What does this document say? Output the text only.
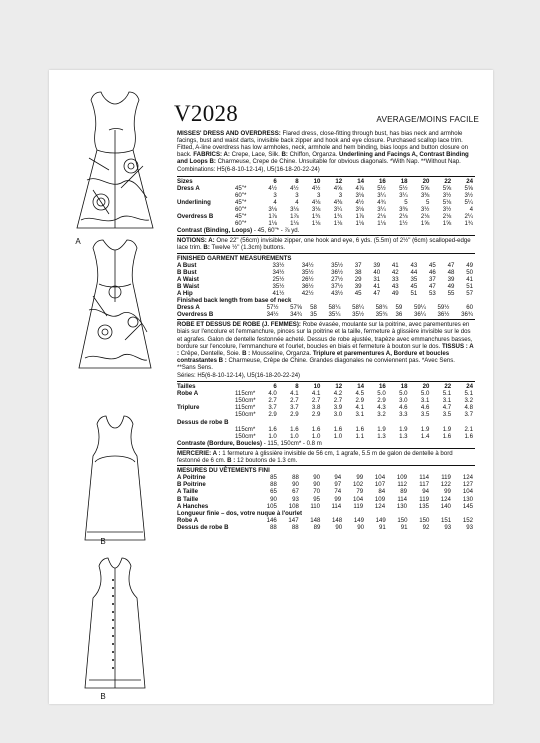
A
B
B
V2028	AVERAGE/MOINS FACILE

MISSES' DRESS AND OVERDRESS: Flared dress, close-fitting through bust, has bias neck and armhole facings, bust and waist darts, invisible back zipper and hook and eye closure. Purchased scallop lace trim. Fitted, A-line overdress has low armholes, neck, armhole and hem binding, bias loops and button closure on back. FABRICS: A: Crepe, Lace, Silk. B: Chiffon, Organza. Underlining and Facings A, Contrast Binding and Loops B: Charmeuse, Crepe de Chine. Unsuitable for obvious diagonals. *With Nap. **Without Nap.

Combinations: H5(6-8-10-12-14), U5(16-18-20-22-24)

Sizes		6	8	10	12	14	16	18	20	22	24
Dress A	45"*	4½	4½	4½	4⅝	4⅞	5½	5½	5⅝	5⅝	5⅝
	60"*	3	3	3	3	3⅛	3¼	3¼	3⅜	3½	3½
Underlining	45"*	4	4	4⅛	4⅜	4½	4¾	5	5	5⅛	5¼
	60"*	3⅛	3⅛	3⅛	3¼	3⅛	3¼	3⅜	3½	3½	4
Overdress B	45"*	1⅞	1⅞	1¾	1¾	1⅞	2⅛	2⅛	2⅛	2⅛	2¼
	60"*	1⅛	1⅛	1⅛	1⅛	1⅛	1⅛	1½	1⅝	1⅝	1¾

Contrast (Binding, Loops) - 45, 60"* - ⅞ yd.

NOTIONS: A: One 22" (56cm) invisible zipper, one hook and eye, 6 yds. (5.5m) of 2½" (6cm) scalloped-edge lace trim. B: Twelve ½" (1.3cm) buttons.

FINISHED GARMENT MEASUREMENTS

A Bust	33½	34½	35½	37	39	41	43	45	47	49
B Bust	34½	35½	36½	38	40	42	44	46	48	50
A Waist	25½	26½	27½	29	31	33	35	37	39	41
B Waist	35½	36½	37½	39	41	43	45	47	49	51
A Hip	41½	42½	43½	45	47	49	51	53	55	57

Finished back length from base of neck

Dress A	57½	57⅝	58	58¼	58¼	58¾	59	59¼	59½	60
Overdress B	34½	34¾	35	35¼	35½	35¾	36	36¼	36½	36¾

ROBE ET DESSUS DE ROBE (J. FEMMES): Robe évasée, moulante sur la poitrine, avec parementures en biais sur l'encolure et l'emmanchure, pinces sur la poitrine et la taille, fermeture à glissière invisible sur le dos et agrafes. Galon de dentelle festonnée acheté. Dessus de robe ajustée, trapèze avec emmanchures basses, bordure sur l'encolure, l'emmanchure et l'ourlet, boucles en biais et fermeture à bouton sur le dos. TISSUS : A : Crêpe, Dentelle, Soie. B : Mousseline, Organza. Triplure et parementures A, Bordure et boucles contrastantes B : Charmeuse, Crêpe de Chine. Grandes diagonales ne conviennent pas. *Avec Sens. **Sans Sens.

Séries: H5(6-8-10-12-14), U5(16-18-20-22-24)

Tailles		6	8	10	12	14	16	18	20	22	24
Robe A	115cm*	4.0	4.1	4.1	4.2	4.5	5.0	5.0	5.0	5.1	5.1
	150cm*	2.7	2.7	2.7	2.7	2.9	2.9	3.0	3.1	3.1	3.2
Triplure	115cm*	3.7	3.7	3.8	3.9	4.1	4.3	4.6	4.6	4.7	4.8
	150cm*	2.9	2.9	2.9	3.0	3.1	3.2	3.3	3.5	3.5	3.7

Dessus de robe B

	115cm*	1.6	1.6	1.6	1.6	1.6	1.9	1.9	1.9	1.9	2.1
	150cm*	1.0	1.0	1.0	1.0	1.1	1.3	1.3	1.4	1.6	1.6

Contraste (Bordure, Boucles) - 115, 150cm* - 0.8 m

MERCERIE: A : 1 fermeture à glissière invisible de 56 cm, 1 agrafe, 5.5 m de galon de dentelle à bord festonné de 6 cm. B : 12 boutons de 1.3 cm.

MESURES DU VÊTEMENTS FINI

A Poitrine	85	88	90	94	99	104	109	114	119	124
B Poitrine	88	90	90	97	102	107	112	117	122	127
A Taille	65	67	70	74	79	84	89	94	99	104
B Taille	90	93	95	99	104	109	114	119	124	130
A Hanches	105	108	110	114	119	124	130	135	140	145

Longueur finie – dos, votre nuque à l'ourlet

Robe A	146	147	148	148	149	149	150	150	151	152
Dessus de robe B	88	88	89	90	90	91	91	92	93	93
